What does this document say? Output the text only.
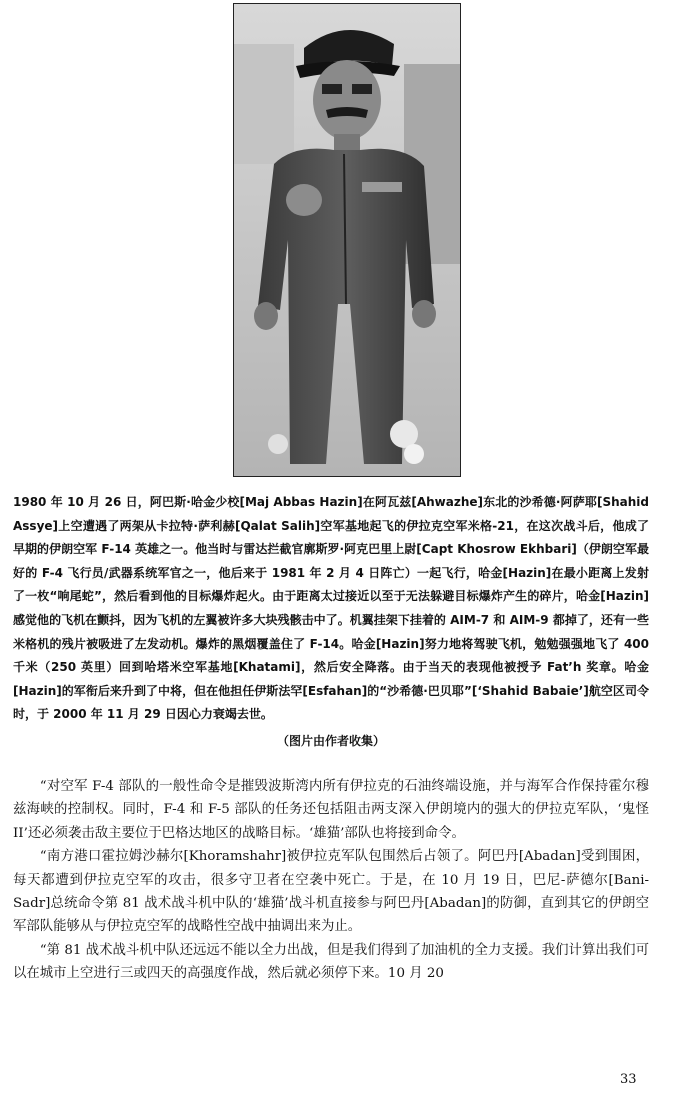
1980 年 10 月 26 日，阿巴斯·哈金少校[Maj Abbas Hazin]在阿瓦兹[Ahwazhe]东北的沙希德·阿萨耶[Shahid Assye]上空遭遇了两架从卡拉特·萨利赫[Qalat Salih]空军基地起飞的伊拉克空军米格-21，在这次战斗后，他成了早期的伊朗空军 F-14 英雄之一。他当时与雷达拦截官廓斯罗·阿克巴里上尉[Capt Khosrow Ekhbari]（伊朗空军最好的 F-4 飞行员/武器系统军官之一，他后来于 1981 年 2 月 4 日阵亡）一起飞行，哈金[Hazin]在最小距离上发射了一枚“响尾蛇”，然后看到他的目标爆炸起火。由于距离太过接近以至于无法躲避目标爆炸产生的碎片，哈金[Hazin]感觉他的飞机在颤抖，因为飞机的左翼被许多大块残骸击中了。机翼挂架下挂着的 AIM-7 和 AIM-9 都掉了，还有一些米格机的残片被吸进了左发动机。爆炸的黑烟覆盖住了 F-14。哈金[Hazin]努力地将驾驶飞机，勉勉强强地飞了 400 千米（250 英里）回到哈塔米空军基地[Khatami]，然后安全降落。由于当天的表现他被授予 Fat’h 奖章。哈金[Hazin]的军衔后来升到了中将，但在他担任伊斯法罕[Esfahan]的“沙希德·巴贝耶”[‘Shahid Babaie’]航空区司令时，于 2000 年 11 月 29 日因心力衰竭去世。
（图片由作者收集）

“对空军 F-4 部队的一般性命令是摧毁波斯湾内所有伊拉克的石油终端设施，并与海军合作保持霍尔穆兹海峡的控制权。同时，F-4 和 F-5 部队的任务还包括阻击两支深入伊朗境内的强大的伊拉克军队，‘鬼怪 II’还必须袭击敌主要位于巴格达地区的战略目标。‘雄猫’部队也将接到命令。

“南方港口霍拉姆沙赫尔[Khoramshahr]被伊拉克军队包围然后占领了。阿巴丹[Abadan]受到围困，每天都遭到伊拉克空军的攻击，很多守卫者在空袭中死亡。于是，在 10 月 19 日，巴尼-萨德尔[Bani-Sadr]总统命令第 81 战术战斗机中队的‘雄猫’战斗机直接参与阿巴丹[Abadan]的防御，直到其它的伊朗空军部队能够从与伊拉克空军的战略性空战中抽调出来为止。

“第 81 战术战斗机中队还远远不能以全力出战，但是我们得到了加油机的全力支援。我们计算出我们可以在城市上空进行三或四天的高强度作战，然后就必须停下来。10 月 20

33
